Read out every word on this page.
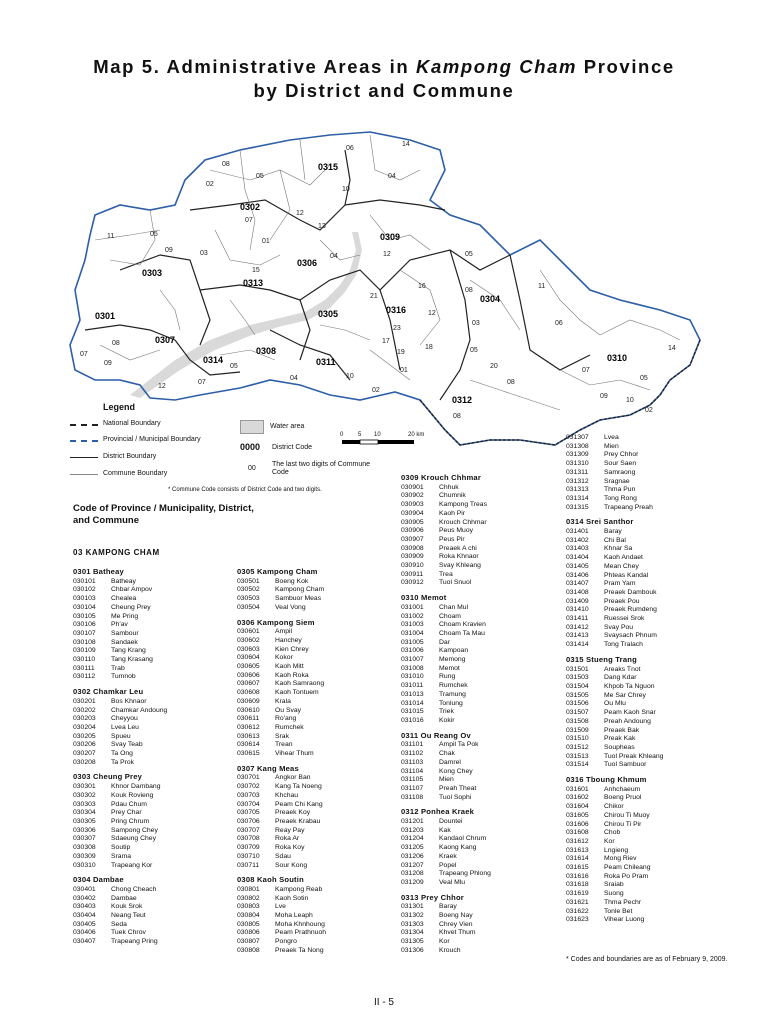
Map 5. Administrative Areas in Kampong Cham Province
by District and Commune
0315
0302
0309
0303
0306
0313
0316
0304
0301	0305
0307
0314
0308
0311
0312
0310
06
14
08
02
05	04
10
07
12
13
11	05
09	03
01
15
04	12	05
16
08
11
21
23
12
03	06
14
17
19
18	05
08
20
07
05
09
10
02
08
01
07
09
08
12
07
05
04
02
10
Legend
National Boundary
Provincial / Municipal Boundary
District Boundary
Commune Boundary
Water area
0000 District Code
00
The last two digits of Commune Code
0 5 10	20 km
* Commune Code consists of District Code and two digits.
Code of Province / Municipality, District, and Commune
03 KAMPONG CHAM
0301 Batheay
030101	Batheay
030102	Chbar Ampov
030103	Chealea
030104	Cheung Prey
030105	Me Pring
030106	Ph'av
030107	Sambour
030108	Sandaek
030109	Tang Krang
030110	Tang Krasang
030111	Trab
030112	Tumnob
0302 Chamkar Leu
030201	Bos Khnaor
030202	Chamkar Andoung
030203	Cheyyou
030204	Lvea Leu
030205	Spueu
030206	Svay Teab
030207	Ta Ong
030208	Ta Prok
0303 Cheung Prey
030301	Khnor Dambang
030302	Kouk Rovieng
030303	Pdau Chum
030304	Prey Char
030305	Pring Chrum
030306	Sampong Chey
030307	Sdaeung Chey
030308	Soutip
030309	Srama
030310	Trapeang Kor
0304 Dambae
030401	Chong Cheach
030402	Dambae
030403	Kouk Srok
030404	Neang Teut
030405	Seda
030406	Tuek Chrov
030407	Trapeang Pring
0305 Kampong Cham
030501	Boeng Kok
030502	Kampong Cham
030503	Sambuor Meas
030504	Veal Vong
0306 Kampong Siem
030601	Ampil
030602	Hanchey
030603	Kien Chrey
030604	Kokor
030605	Kaoh Mitt
030606	Kaoh Roka
030607	Kaoh Samraong
030608	Kaoh Tontuem
030609	Krala
030610	Ou Svay
030611	Ro'ang
030612	Rumchek
030613	Srak
030614	Trean
030615	Vihear Thum
0307 Kang Meas
030701	Angkor Ban
030702	Kang Ta Noeng
030703	Khchau
030704	Peam Chi Kang
030705	Preaek Koy
030706	Preaek Krabau
030707	Reay Pay
030708	Roka Ar
030709	Roka Koy
030710	Sdau
030711	Sour Kong
0308 Kaoh Soutin
030801	Kampong Reab
030802	Kaoh Sotin
030803	Lve
030804	Moha Leaph
030805	Moha Khnhoung
030806	Peam Prathnuoh
030807	Pongro
030808	Preaek Ta Nong
0309 Krouch Chhmar
030901	Chhuk
030902	Chumnik
030903	Kampong Treas
030904	Kaoh Pir
030905	Krouch Chhmar
030906	Peus Muoy
030907	Peus Pir
030908	Preaek A chi
030909	Roka Khnaor
030910	Svay Khleang
030911	Trea
030912	Tuol Snuol
0310 Memot
031001	Chan Mul
031002	Choam
031003	Choam Kravien
031004	Choam Ta Mau
031005	Dar
031006	Kampoan
031007	Memong
031008	Memot
031010	Rung
031011	Rumchek
031013	Tramung
031014	Tonlung
031015	Triek
031016	Kokir
0311 Ou Reang Ov
031101	Ampil Ta Pok
031102	Chak
031103	Damrel
031104	Kong Chey
031105	Mien
031107	Preah Theat
031108	Tuol Sophi
0312 Ponhea Kraek
031201	Dountei
031203	Kak
031204	Kandaol Chrum
031205	Kaong Kang
031206	Kraek
031207	Popel
031208	Trapeang Phlong
031209	Veal Mlu
0313 Prey Chhor
031301	Baray
031302	Boeng Nay
031303	Chrey Vien
031304	Khvet Thum
031305	Kor
031306	Krouch
031307	Lvea
031308	Mien
031309	Prey Chhor
031310	Sour Saen
031311	Samraong
031312	Sragnae
031313	Thma Pun
031314	Tong Rong
031315	Trapeang Preah
0314 Srei Santhor
031401	Baray
031402	Chi Bal
031403	Khnar Sa
031404	Kaoh Andaet
031405	Mean Chey
031406	Phteas Kandal
031407	Pram Yam
031408	Preaek Dambouk
031409	Preaek Pou
031410	Preaek Rumdeng
031411	Ruessei Srok
031412	Svay Pou
031413	Svaysach Phnum
031414	Tong Tralach
0315 Stueng Trang
031501	Areaks Tnot
031503	Dang Kdar
031504	Khpob Ta Nguon
031505	Me Sar Chrey
031506	Ou Mlu
031507	Peam Kaoh Snar
031508	Preah Andoung
031509	Preaek Bak
031510	Preak Kak
031512	Soupheas
031513	Tuol Preak Khleang
031514	Tuol Sambuor
0316 Tboung Khmum
031601	Anhchaeum
031602	Boeng Pruol
031604	Chikor
031605	Chirou Ti Muoy
031606	Chirou Ti Pir
031608	Chob
031612	Kor
031613	Lngieng
031614	Mong Riev
031615	Peam Chileang
031616	Roka Po Pram
031618	Sraiab
031619	Suong
031621	Thma Pechr
031622	Tonle Bet
031623	Vihear Luong
* Codes and boundaries are as of February 9, 2009.
II - 5
